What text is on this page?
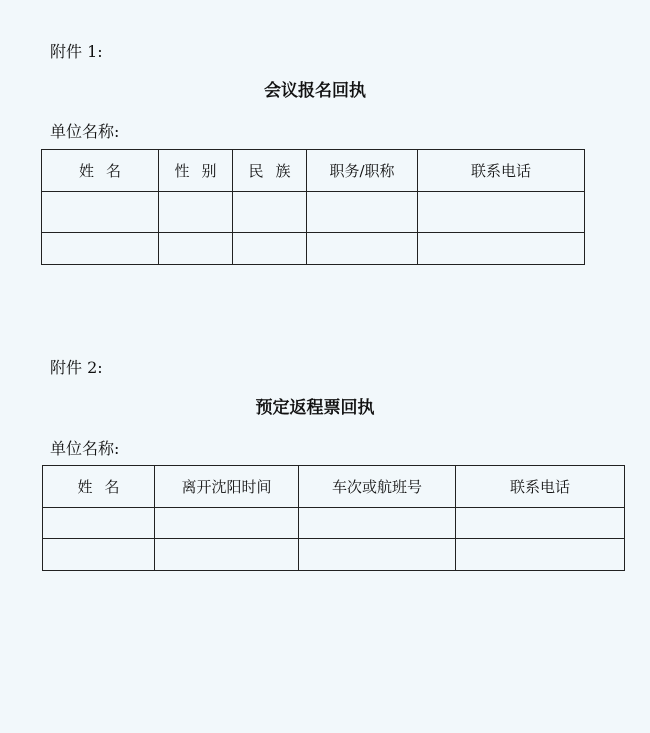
附件 1:
会议报名回执
单位名称:
姓名	性别	民族	职务/职称	联系电话

附件 2:
预定返程票回执
单位名称:
姓名	离开沈阳时间	车次或航班号	联系电话
